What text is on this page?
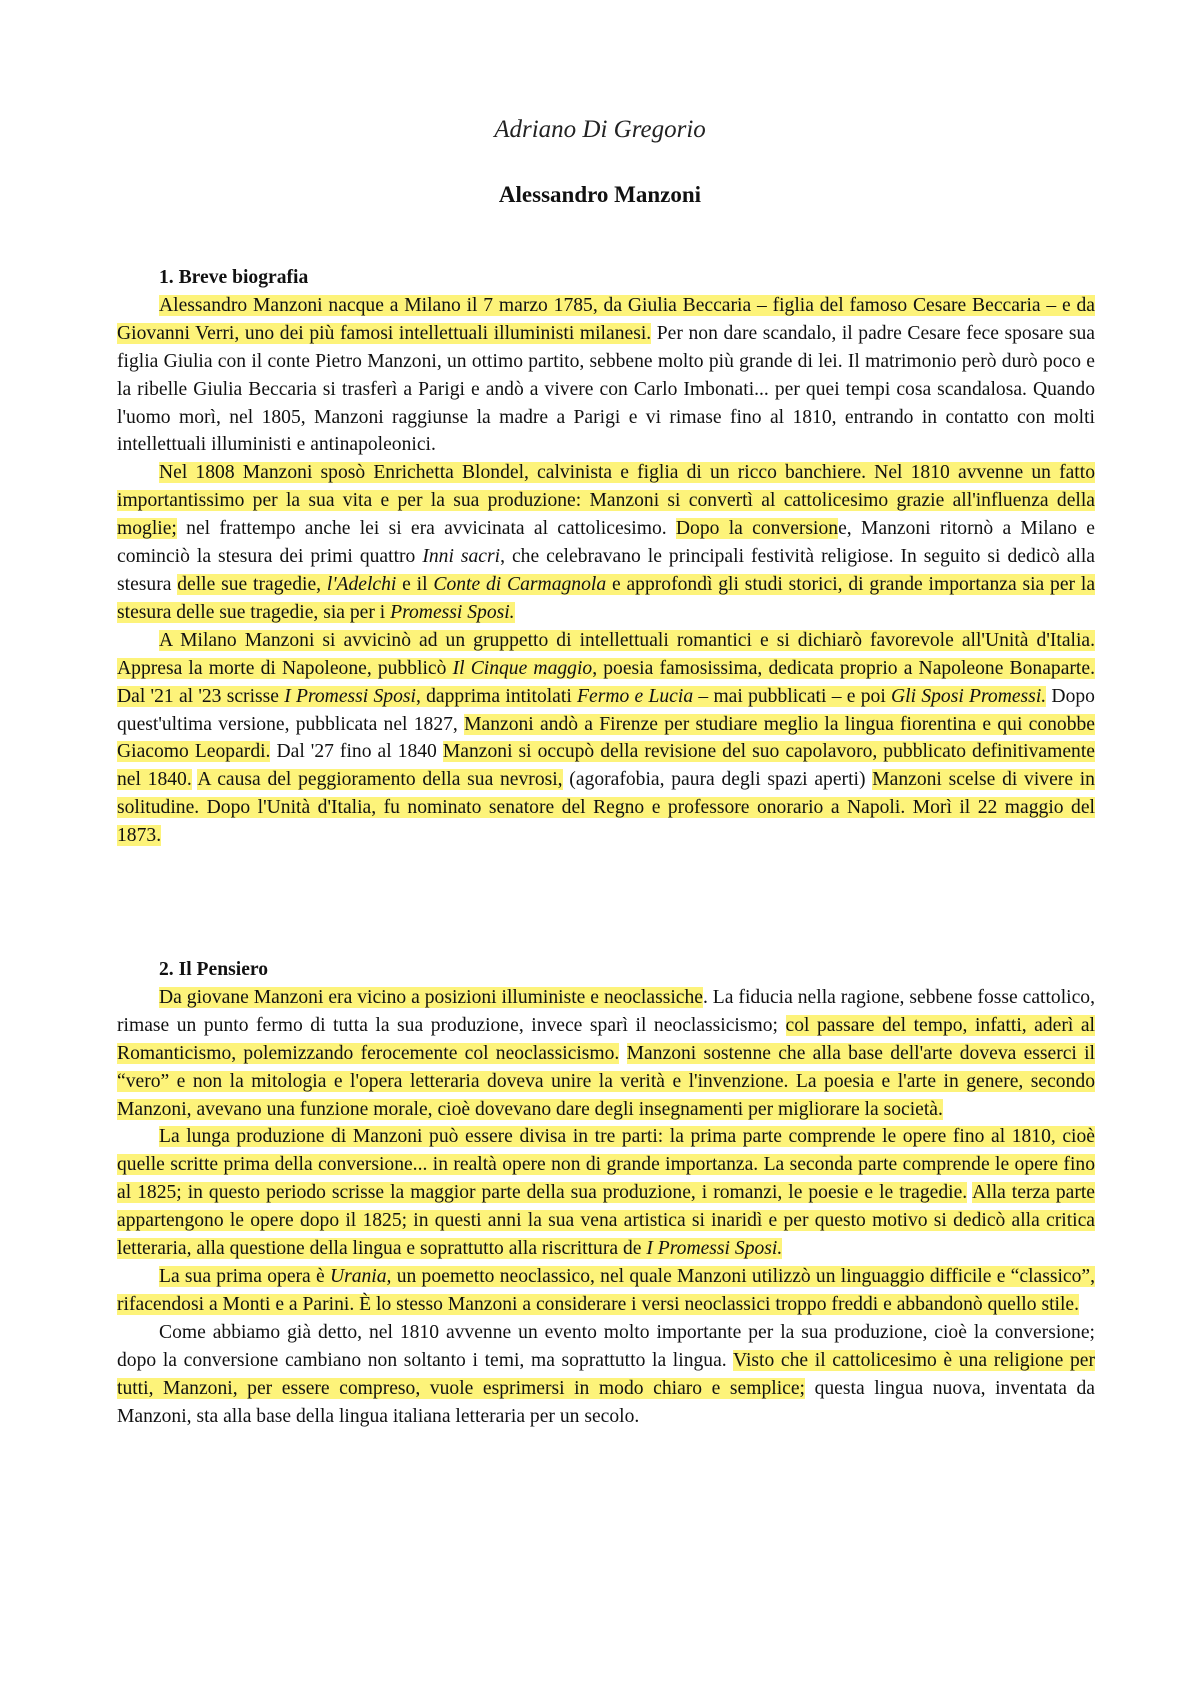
Adriano Di Gregorio
Alessandro Manzoni
1. Breve biografia

Alessandro Manzoni nacque a Milano il 7 marzo 1785, da Giulia Beccaria – figlia del famoso Cesare Beccaria – e da Giovanni Verri, uno dei più famosi intellettuali illuministi milanesi. Per non dare scandalo, il padre Cesare fece sposare sua figlia Giulia con il conte Pietro Manzoni, un ottimo partito, sebbene molto più grande di lei. Il matrimonio però durò poco e la ribelle Giulia Beccaria si trasferì a Parigi e andò a vivere con Carlo Imbonati... per quei tempi cosa scandalosa. Quando l'uomo morì, nel 1805, Manzoni raggiunse la madre a Parigi e vi rimase fino al 1810, entrando in contatto con molti intellettuali illuministi e antinapoleonici.

Nel 1808 Manzoni sposò Enrichetta Blondel, calvinista e figlia di un ricco banchiere. Nel 1810 avvenne un fatto importantissimo per la sua vita e per la sua produzione: Manzoni si convertì al cattolicesimo grazie all'influenza della moglie; nel frattempo anche lei si era avvicinata al cattolicesimo. Dopo la conversione, Manzoni ritornò a Milano e cominciò la stesura dei primi quattro Inni sacri, che celebravano le principali festività religiose. In seguito si dedicò alla stesura delle sue tragedie, l'Adelchi e il Conte di Carmagnola e approfondì gli studi storici, di grande importanza sia per la stesura delle sue tragedie, sia per i Promessi Sposi.

A Milano Manzoni si avvicinò ad un gruppetto di intellettuali romantici e si dichiarò favorevole all'Unità d'Italia. Appresa la morte di Napoleone, pubblicò Il Cinque maggio, poesia famosissima, dedicata proprio a Napoleone Bonaparte. Dal '21 al '23 scrisse I Promessi Sposi, dapprima intitolati Fermo e Lucia – mai pubblicati – e poi Gli Sposi Promessi. Dopo quest'ultima versione, pubblicata nel 1827, Manzoni andò a Firenze per studiare meglio la lingua fiorentina e qui conobbe Giacomo Leopardi. Dal '27 fino al 1840 Manzoni si occupò della revisione del suo capolavoro, pubblicato definitivamente nel 1840. A causa del peggioramento della sua nevrosi, (agorafobia, paura degli spazi aperti) Manzoni scelse di vivere in solitudine. Dopo l'Unità d'Italia, fu nominato senatore del Regno e professore onorario a Napoli. Morì il 22 maggio del 1873.

2. Il Pensiero

Da giovane Manzoni era vicino a posizioni illuministe e neoclassiche. La fiducia nella ragione, sebbene fosse cattolico, rimase un punto fermo di tutta la sua produzione, invece sparì il neoclassicismo; col passare del tempo, infatti, aderì al Romanticismo, polemizzando ferocemente col neoclassicismo. Manzoni sostenne che alla base dell'arte doveva esserci il “vero” e non la mitologia e l'opera letteraria doveva unire la verità e l'invenzione. La poesia e l'arte in genere, secondo Manzoni, avevano una funzione morale, cioè dovevano dare degli insegnamenti per migliorare la società.

La lunga produzione di Manzoni può essere divisa in tre parti: la prima parte comprende le opere fino al 1810, cioè quelle scritte prima della conversione... in realtà opere non di grande importanza. La seconda parte comprende le opere fino al 1825; in questo periodo scrisse la maggior parte della sua produzione, i romanzi, le poesie e le tragedie. Alla terza parte appartengono le opere dopo il 1825; in questi anni la sua vena artistica si inaridì e per questo motivo si dedicò alla critica letteraria, alla questione della lingua e soprattutto alla riscrittura de I Promessi Sposi.

La sua prima opera è Urania, un poemetto neoclassico, nel quale Manzoni utilizzò un linguaggio difficile e “classico”, rifacendosi a Monti e a Parini. È lo stesso Manzoni a considerare i versi neoclassici troppo freddi e abbandonò quello stile.

Come abbiamo già detto, nel 1810 avvenne un evento molto importante per la sua produzione, cioè la conversione; dopo la conversione cambiano non soltanto i temi, ma soprattutto la lingua. Visto che il cattolicesimo è una religione per tutti, Manzoni, per essere compreso, vuole esprimersi in modo chiaro e semplice; questa lingua nuova, inventata da Manzoni, sta alla base della lingua italiana letteraria per un secolo.
